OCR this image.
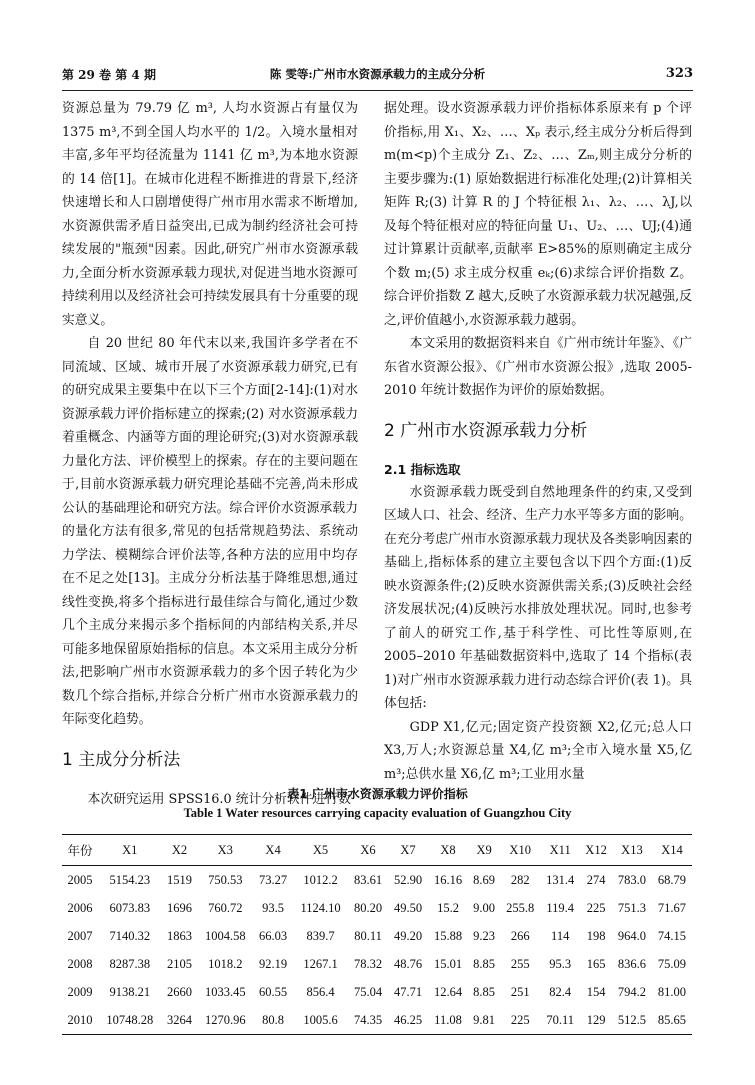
第 29 卷 第 4 期	陈 雯等:广州市水资源承载力的主成分分析	323

资源总量为 79.79 亿 m³, 人均水资源占有量仅为 1375 m³,不到全国人均水平的 1/2。入境水量相对丰富,多年平均径流量为 1141 亿 m³,为本地水资源的 14 倍[1]。在城市化进程不断推进的背景下,经济快速增长和人口剧增使得广州市用水需求不断增加,水资源供需矛盾日益突出,已成为制约经济社会可持续发展的"瓶颈"因素。因此,研究广州市水资源承载力,全面分析水资源承载力现状,对促进当地水资源可持续利用以及经济社会可持续发展具有十分重要的现实意义。

自 20 世纪 80 年代末以来,我国许多学者在不同流域、区域、城市开展了水资源承载力研究,已有的研究成果主要集中在以下三个方面[2-14]:(1)对水资源承载力评价指标建立的探索;(2) 对水资源承载力着重概念、内涵等方面的理论研究;(3)对水资源承载力量化方法、评价模型上的探索。存在的主要问题在于,目前水资源承载力研究理论基础不完善,尚未形成公认的基础理论和研究方法。综合评价水资源承载力的量化方法有很多,常见的包括常规趋势法、系统动力学法、模糊综合评价法等,各种方法的应用中均存在不足之处[13]。主成分分析法基于降维思想,通过线性变换,将多个指标进行最佳综合与简化,通过少数几个主成分来揭示多个指标间的内部结构关系,并尽可能多地保留原始指标的信息。本文采用主成分分析法,把影响广州市水资源承载力的多个因子转化为少数几个综合指标,并综合分析广州市水资源承载力的年际变化趋势。

1 主成分分析法

本次研究运用 SPSS16.0 统计分析软件进行数

据处理。设水资源承载力评价指标体系原来有 p 个评价指标,用 X₁、X₂、…、Xₚ 表示,经主成分分析后得到 m(m<p)个主成分 Z₁、Z₂、…、Zₘ,则主成分分析的主要步骤为:(1) 原始数据进行标准化处理;(2)计算相关矩阵 R;(3) 计算 R 的 J 个特征根 λ₁、λ₂、…、λJ,以及每个特征根对应的特征向量 U₁、U₂、…、UJ;(4)通过计算累计贡献率,贡献率 E>85%的原则确定主成分个数 m;(5) 求主成分权重 eₖ;(6)求综合评价指数 Z。综合评价指数 Z 越大,反映了水资源承载力状况越强,反之,评价值越小,水资源承载力越弱。

本文采用的数据资料来自《广州市统计年鉴》、《广东省水资源公报》、《广州市水资源公报》,选取 2005-2010 年统计数据作为评价的原始数据。

2 广州市水资源承载力分析
2.1 指标选取

水资源承载力既受到自然地理条件的约束,又受到区域人口、社会、经济、生产力水平等多方面的影响。在充分考虑广州市水资源承载力现状及各类影响因素的基础上,指标体系的建立主要包含以下四个方面:(1)反映水资源条件;(2)反映水资源供需关系;(3)反映社会经济发展状况;(4)反映污水排放处理状况。同时,也参考了前人的研究工作,基于科学性、可比性等原则,在 2005–2010 年基础数据资料中,选取了 14 个指标(表 1)对广州市水资源承载力进行动态综合评价(表 1)。具体包括:

GDP X1,亿元;固定资产投资额 X2,亿元;总人口 X3,万人;水资源总量 X4,亿 m³;全市入境水量 X5,亿 m³;总供水量 X6,亿 m³;工业用水量

表1 广州市水资源承载力评价指标
Table 1 Water resources carrying capacity evaluation of Guangzhou City
年份	X1	X2	X3	X4	X5	X6	X7	X8	X9	X10	X11	X12	X13	X14
2005	5154.23	1519	750.53	73.27	1012.2	83.61	52.90	16.16	8.69	282	131.4	274	783.0	68.79
2006	6073.83	1696	760.72	93.5	1124.10	80.20	49.50	15.2	9.00	255.8	119.4	225	751.3	71.67
2007	7140.32	1863	1004.58	66.03	839.7	80.11	49.20	15.88	9.23	266	114	198	964.0	74.15
2008	8287.38	2105	1018.2	92.19	1267.1	78.32	48.76	15.01	8.85	255	95.3	165	836.6	75.09
2009	9138.21	2660	1033.45	60.55	856.4	75.04	47.71	12.64	8.85	251	82.4	154	794.2	81.00
2010	10748.28	3264	1270.96	80.8	1005.6	74.35	46.25	11.08	9.81	225	70.11	129	512.5	85.65
